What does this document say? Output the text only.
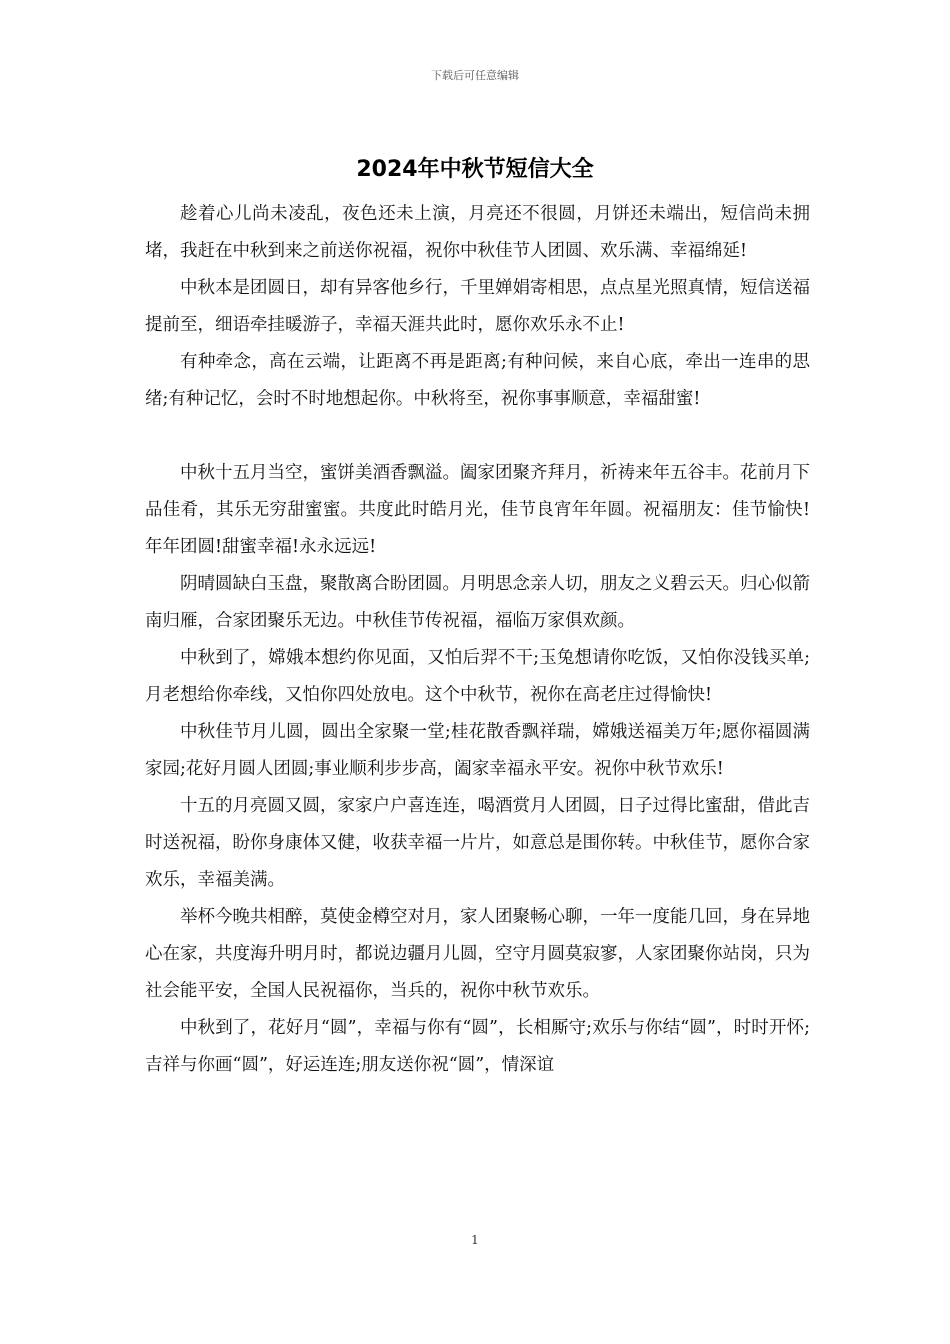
下载后可任意编辑
2024年中秋节短信大全

趁着心儿尚未凌乱，夜色还未上演，月亮还不很圆，月饼还未端出，短信尚未拥堵，我赶在中秋到来之前送你祝福，祝你中秋佳节人团圆、欢乐满、幸福绵延!

中秋本是团圆日，却有异客他乡行，千里婵娟寄相思，点点星光照真情，短信送福提前至，细语牵挂暖游子，幸福天涯共此时，愿你欢乐永不止!

有种牵念，高在云端，让距离不再是距离;有种问候，来自心底，牵出一连串的思绪;有种记忆，会时不时地想起你。中秋将至，祝你事事顺意，幸福甜蜜!

中秋十五月当空，蜜饼美酒香飘溢。阖家团聚齐拜月，祈祷来年五谷丰。花前月下品佳肴，其乐无穷甜蜜蜜。共度此时皓月光，佳节良宵年年圆。祝福朋友：佳节愉快!年年团圆!甜蜜幸福!永永远远!

阴晴圆缺白玉盘，聚散离合盼团圆。月明思念亲人切，朋友之义碧云天。归心似箭南归雁，合家团聚乐无边。中秋佳节传祝福，福临万家俱欢颜。

中秋到了，嫦娥本想约你见面，又怕后羿不干;玉兔想请你吃饭，又怕你没钱买单;月老想给你牵线，又怕你四处放电。这个中秋节，祝你在高老庄过得愉快!

中秋佳节月儿圆，圆出全家聚一堂;桂花散香飘祥瑞，嫦娥送福美万年;愿你福圆满家园;花好月圆人团圆;事业顺利步步高，阖家幸福永平安。祝你中秋节欢乐!

十五的月亮圆又圆，家家户户喜连连，喝酒赏月人团圆，日子过得比蜜甜，借此吉时送祝福，盼你身康体又健，收获幸福一片片，如意总是围你转。中秋佳节，愿你合家欢乐，幸福美满。

举杯今晚共相醉，莫使金樽空对月，家人团聚畅心聊，一年一度能几回，身在异地心在家，共度海升明月时，都说边疆月儿圆，空守月圆莫寂寥，人家团聚你站岗，只为社会能平安，全国人民祝福你，当兵的，祝你中秋节欢乐。

中秋到了，花好月“圆”，幸福与你有“圆”，长相厮守;欢乐与你结“圆”，时时开怀;吉祥与你画“圆”，好运连连;朋友送你祝“圆”，情深谊

1
